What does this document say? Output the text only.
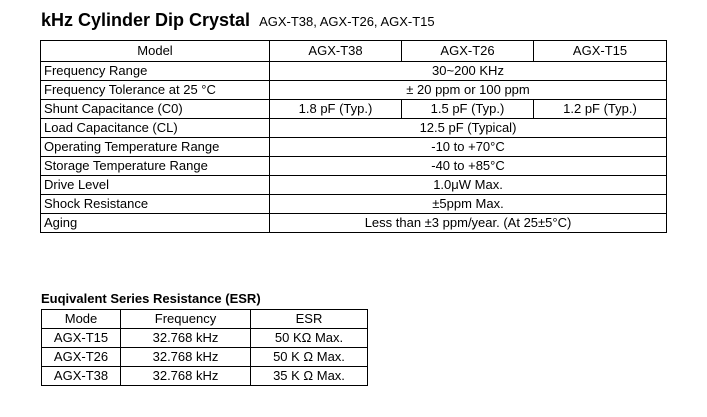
kHz Cylinder Dip Crystal AGX-T38, AGX-T26, AGX-T15
Model	AGX-T38	AGX-T26	AGX-T15
Frequency Range	30~200 KHz		
Frequency Tolerance at 25 °C	± 20 ppm or 100 ppm		
Shunt Capacitance (C0)	1.8 pF (Typ.)	1.5 pF (Typ.)	1.2 pF (Typ.)
Load Capacitance (CL)	12.5 pF (Typical)		
Operating Temperature Range	-10 to +70°C		
Storage Temperature Range	-40 to +85°C		
Drive Level	1.0μW Max.		
Shock Resistance	±5ppm Max.		
Aging	Less than ±3 ppm/year. (At 25±5°C)		
Euqivalent Series Resistance (ESR)
Mode	Frequency	ESR
AGX-T15	32.768 kHz	50 KΩ Max.
AGX-T26	32.768 kHz	50 K Ω Max.
AGX-T38	32.768 kHz	35 K Ω Max.
